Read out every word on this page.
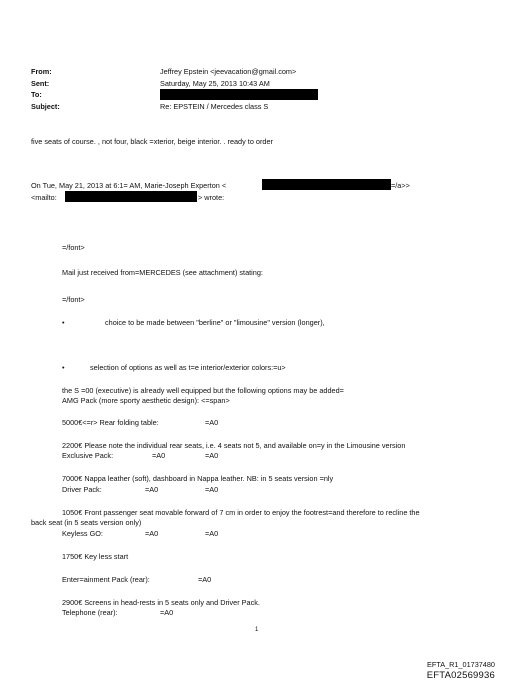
From:	Jeffrey Epstein <jeevacation@gmail.com>
Sent:	Saturday, May 25, 2013 10:43 AM
To:
Subject:	Re: EPSTEIN / Mercedes class S
five seats of course. , not four, black =xterior, beige interior. . ready to order
On Tue, May 21, 2013 at 6:1= AM, Marie-Joseph Experton <	=/a>>
<mailto:	> wrote:
=/font>
Mail just received from=MERCEDES (see attachment) stating:
=/font>
•	choice to be made between "berline" or "limousine" version (longer),
•	selection of options as well as t=e interior/exterior colors:=u>
the S =00 (executive) is already well equipped but the following options may be added=
AMG Pack (more sporty aesthetic design): <=span>
5000€<=r> Rear folding table:	=A0
2200€ Please note the individual rear seats, i.e. 4 seats not 5, and available on=y in the Limousine version
Exclusive Pack:	=A0	=A0
7000€ Nappa leather (soft), dashboard in Nappa leather. NB: in 5 seats version =nly
Driver Pack:	=A0	=A0
1050€ Front passenger seat movable forward of 7 cm in order to enjoy the footrest=and therefore to recline the
back seat (in 5 seats version only)
Keyless GO:	=A0	=A0
1750€ Key less start
Enter=ainment Pack (rear):	=A0
2900€ Screens in head-rests in 5 seats only and Driver Pack.
Telephone (rear):	=A0
1
EFTA_R1_01737480
EFTA02569936
